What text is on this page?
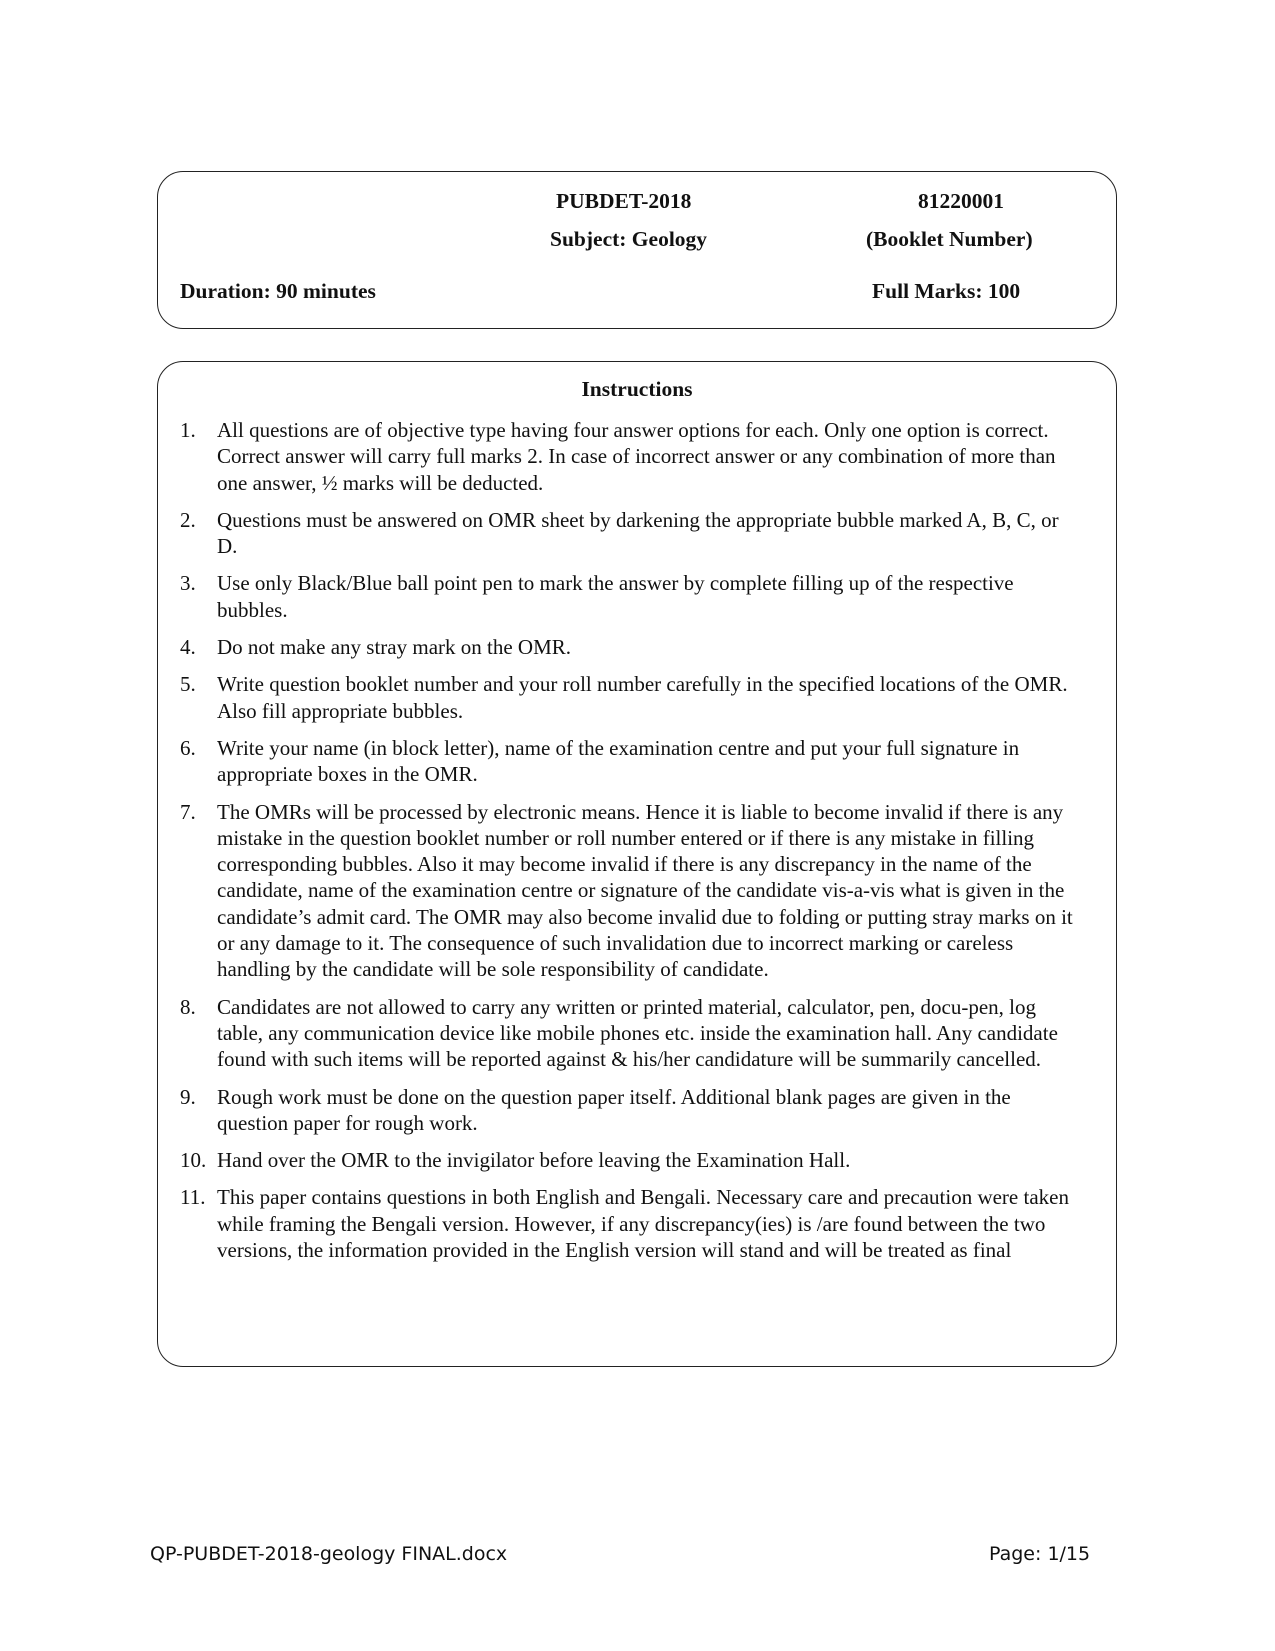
PUBDET-2018	81220001
Subject: Geology	(Booklet Number)
Duration: 90 minutes	Full Marks: 100
Instructions
1. All questions are of objective type having four answer options for each. Only one option is correct. Correct answer will carry full marks 2. In case of incorrect answer or any combination of more than one answer, ½ marks will be deducted.
2. Questions must be answered on OMR sheet by darkening the appropriate bubble marked A, B, C, or D.
3. Use only Black/Blue ball point pen to mark the answer by complete filling up of the respective bubbles.
4. Do not make any stray mark on the OMR.
5. Write question booklet number and your roll number carefully in the specified locations of the OMR. Also fill appropriate bubbles.
6. Write your name (in block letter), name of the examination centre and put your full signature in appropriate boxes in the OMR.
7. The OMRs will be processed by electronic means. Hence it is liable to become invalid if there is any mistake in the question booklet number or roll number entered or if there is any mistake in filling corresponding bubbles. Also it may become invalid if there is any discrepancy in the name of the candidate, name of the examination centre or signature of the candidate vis-a-vis what is given in the candidate’s admit card. The OMR may also become invalid due to folding or putting stray marks on it or any damage to it. The consequence of such invalidation due to incorrect marking or careless handling by the candidate will be sole responsibility of candidate.
8. Candidates are not allowed to carry any written or printed material, calculator, pen, docu-pen, log table, any communication device like mobile phones etc. inside the examination hall. Any candidate found with such items will be reported against & his/her candidature will be summarily cancelled.
9. Rough work must be done on the question paper itself. Additional blank pages are given in the question paper for rough work.
10. Hand over the OMR to the invigilator before leaving the Examination Hall.
11. This paper contains questions in both English and Bengali. Necessary care and precaution were taken while framing the Bengali version. However, if any discrepancy(ies) is /are found between the two versions, the information provided in the English version will stand and will be treated as final
QP-PUBDET-2018-geology FINAL.docx	Page: 1/15
